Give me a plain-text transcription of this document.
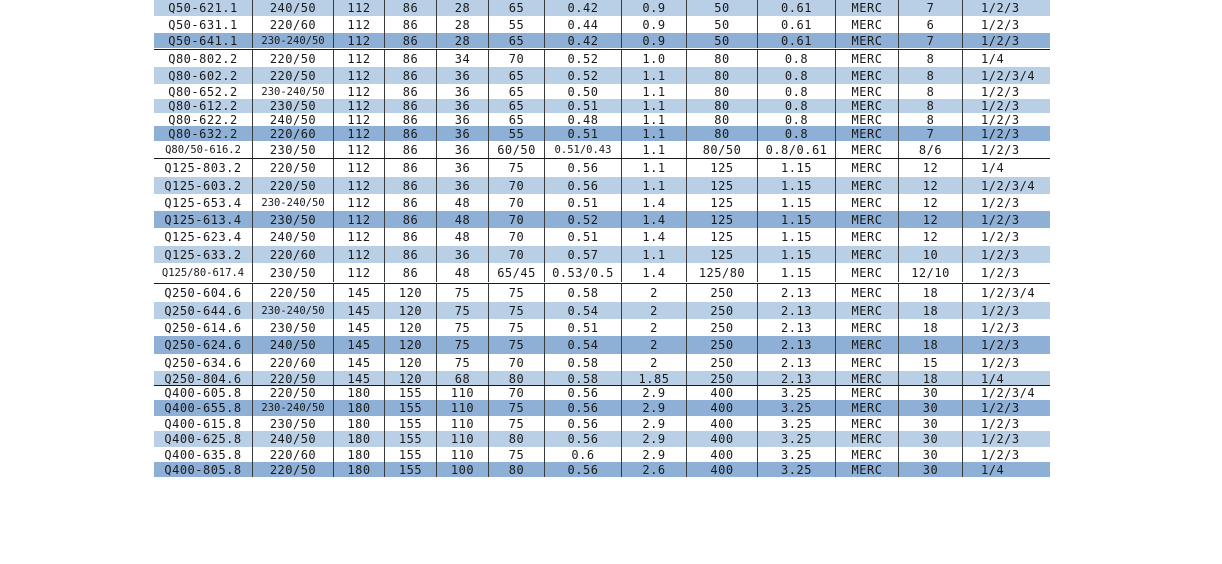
Q50-621.1	240/50	112	86	28	65	0.42	0.9	50	0.61	MERC	7	1/2/3
Q50-631.1	220/60	112	86	28	55	0.44	0.9	50	0.61	MERC	6	1/2/3
Q50-641.1	230-240/50	112	86	28	65	0.42	0.9	50	0.61	MERC	7	1/2/3
Q80-802.2	220/50	112	86	34	70	0.52	1.0	80	0.8	MERC	8	1/4
Q80-602.2	220/50	112	86	36	65	0.52	1.1	80	0.8	MERC	8	1/2/3/4
Q80-652.2	230-240/50	112	86	36	65	0.50	1.1	80	0.8	MERC	8	1/2/3
Q80-612.2	230/50	112	86	36	65	0.51	1.1	80	0.8	MERC	8	1/2/3
Q80-622.2	240/50	112	86	36	65	0.48	1.1	80	0.8	MERC	8	1/2/3
Q80-632.2	220/60	112	86	36	55	0.51	1.1	80	0.8	MERC	7	1/2/3
Q80/50-616.2	230/50	112	86	36	60/50	0.51/0.43	1.1	80/50	0.8/0.61	MERC	8/6	1/2/3
Q125-803.2	220/50	112	86	36	75	0.56	1.1	125	1.15	MERC	12	1/4
Q125-603.2	220/50	112	86	36	70	0.56	1.1	125	1.15	MERC	12	1/2/3/4
Q125-653.4	230-240/50	112	86	48	70	0.51	1.4	125	1.15	MERC	12	1/2/3
Q125-613.4	230/50	112	86	48	70	0.52	1.4	125	1.15	MERC	12	1/2/3
Q125-623.4	240/50	112	86	48	70	0.51	1.4	125	1.15	MERC	12	1/2/3
Q125-633.2	220/60	112	86	36	70	0.57	1.1	125	1.15	MERC	10	1/2/3
Q125/80-617.4	230/50	112	86	48	65/45	0.53/0.5	1.4	125/80	1.15	MERC	12/10	1/2/3
Q250-604.6	220/50	145	120	75	75	0.58	2	250	2.13	MERC	18	1/2/3/4
Q250-644.6	230-240/50	145	120	75	75	0.54	2	250	2.13	MERC	18	1/2/3
Q250-614.6	230/50	145	120	75	75	0.51	2	250	2.13	MERC	18	1/2/3
Q250-624.6	240/50	145	120	75	75	0.54	2	250	2.13	MERC	18	1/2/3
Q250-634.6	220/60	145	120	75	70	0.58	2	250	2.13	MERC	15	1/2/3
Q250-804.6	220/50	145	120	68	80	0.58	1.85	250	2.13	MERC	18	1/4
Q400-605.8	220/50	180	155	110	70	0.56	2.9	400	3.25	MERC	30	1/2/3/4
Q400-655.8	230-240/50	180	155	110	75	0.56	2.9	400	3.25	MERC	30	1/2/3
Q400-615.8	230/50	180	155	110	75	0.56	2.9	400	3.25	MERC	30	1/2/3
Q400-625.8	240/50	180	155	110	80	0.56	2.9	400	3.25	MERC	30	1/2/3
Q400-635.8	220/60	180	155	110	75	0.6	2.9	400	3.25	MERC	30	1/2/3
Q400-805.8	220/50	180	155	100	80	0.56	2.6	400	3.25	MERC	30	1/4
